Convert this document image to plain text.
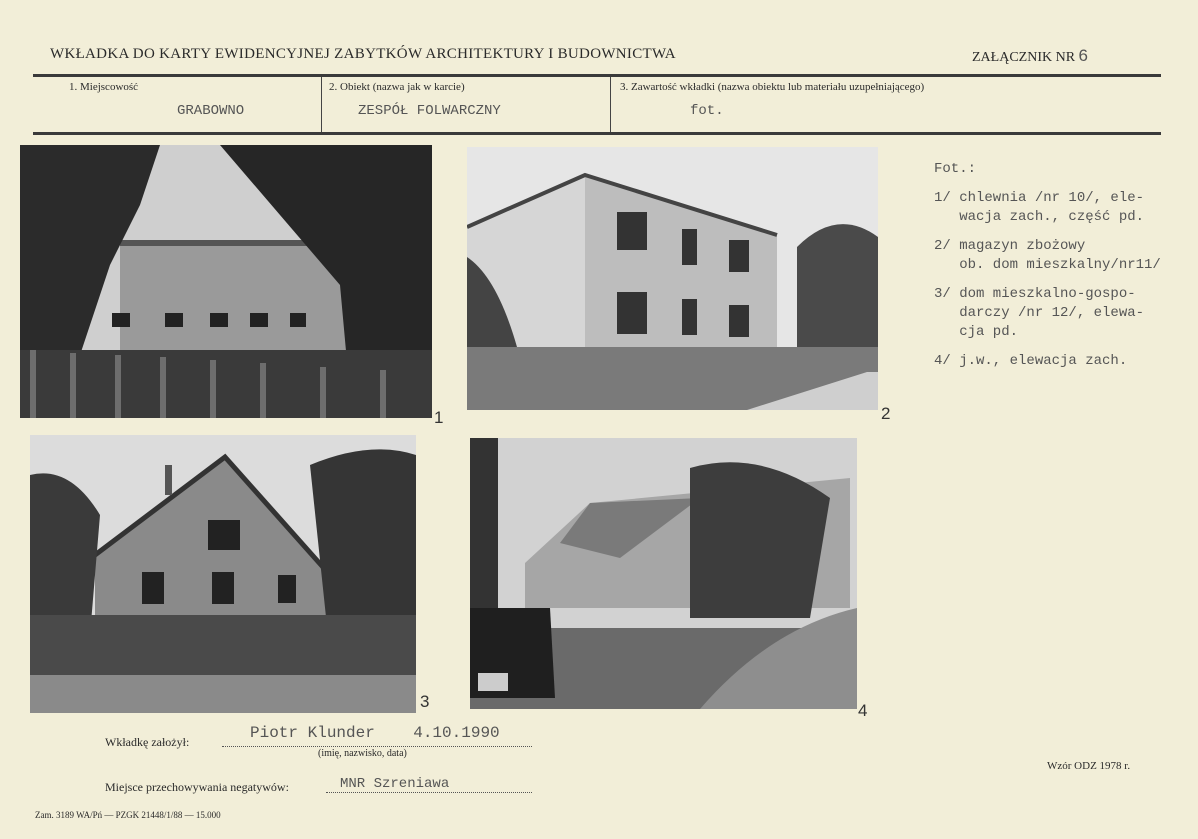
WKŁADKA DO KARTY EWIDENCYJNEJ ZABYTKÓW ARCHITEKTURY I BUDOWNICTWA	ZAŁĄCZNIK NR 6
1. Miejscowość
GRABOWNO
2. Obiekt (nazwa jak w karcie)
ZESPÓŁ FOLWARCZNY
3. Zawartość wkładki (nazwa obiektu lub materiału uzupełniającego)
fot.
1	2
3	4

Fot.:

1/ chlewnia /nr 10/, ele-
wacja zach., część pd.

2/ magazyn zbożowy
ob. dom mieszkalny/nr11/

3/ dom mieszkalno-gospo-
darczy /nr 12/, elewa-
cja pd.

4/ j.w., elewacja zach.

Wkładkę założył:	Piotr Klunder    4.10.1990
(imię, nazwisko, data)
Miejsce przechowywania negatywów:	MNR Szreniawa
Wzór ODZ 1978 r.
Zam. 3189 WA/Pń — PZGK 21448/1/88 — 15.000
